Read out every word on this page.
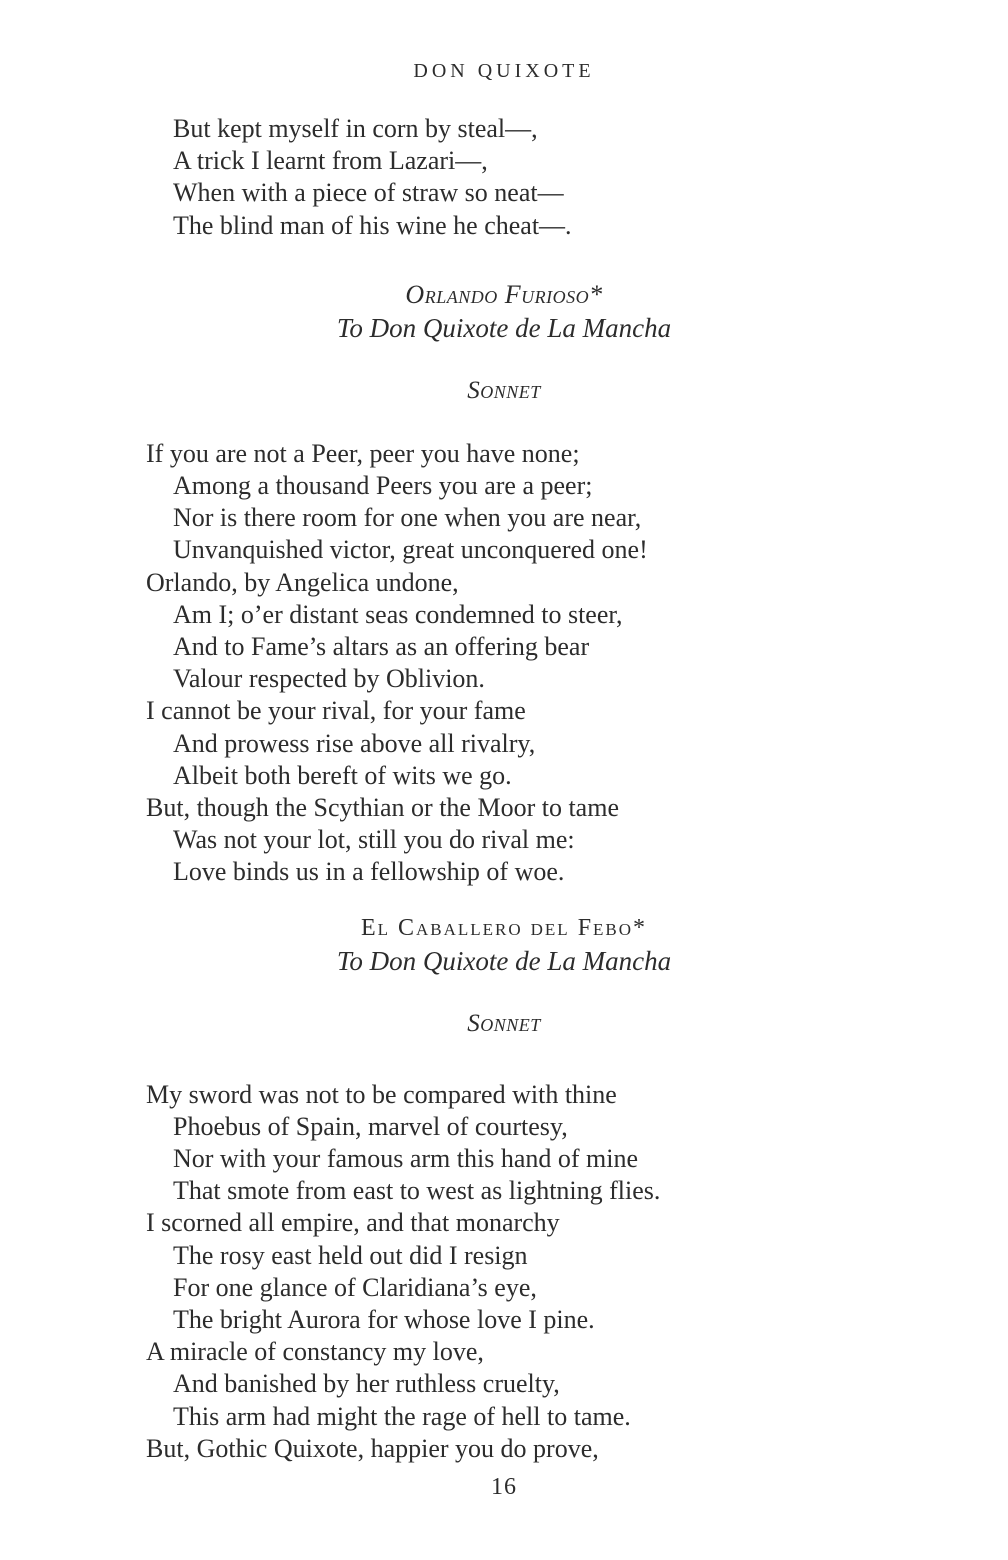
DON QUIXOTE
But kept myself in corn by steal—,
A trick I learnt from Lazari—,
When with a piece of straw so neat—
The blind man of his wine he cheat—.
Orlando Furioso*
To Don Quixote de La Mancha
Sonnet
If you are not a Peer, peer you have none;
Among a thousand Peers you are a peer;
Nor is there room for one when you are near,
Unvanquished victor, great unconquered one!
Orlando, by Angelica undone,
Am I; o’er distant seas condemned to steer,
And to Fame’s altars as an offering bear
Valour respected by Oblivion.
I cannot be your rival, for your fame
And prowess rise above all rivalry,
Albeit both bereft of wits we go.
But, though the Scythian or the Moor to tame
Was not your lot, still you do rival me:
Love binds us in a fellowship of woe.
El Caballero del Febo*
To Don Quixote de La Mancha
Sonnet
My sword was not to be compared with thine
Phoebus of Spain, marvel of courtesy,
Nor with your famous arm this hand of mine
That smote from east to west as lightning flies.
I scorned all empire, and that monarchy
The rosy east held out did I resign
For one glance of Claridiana’s eye,
The bright Aurora for whose love I pine.
A miracle of constancy my love,
And banished by her ruthless cruelty,
This arm had might the rage of hell to tame.
But, Gothic Quixote, happier you do prove,
16
